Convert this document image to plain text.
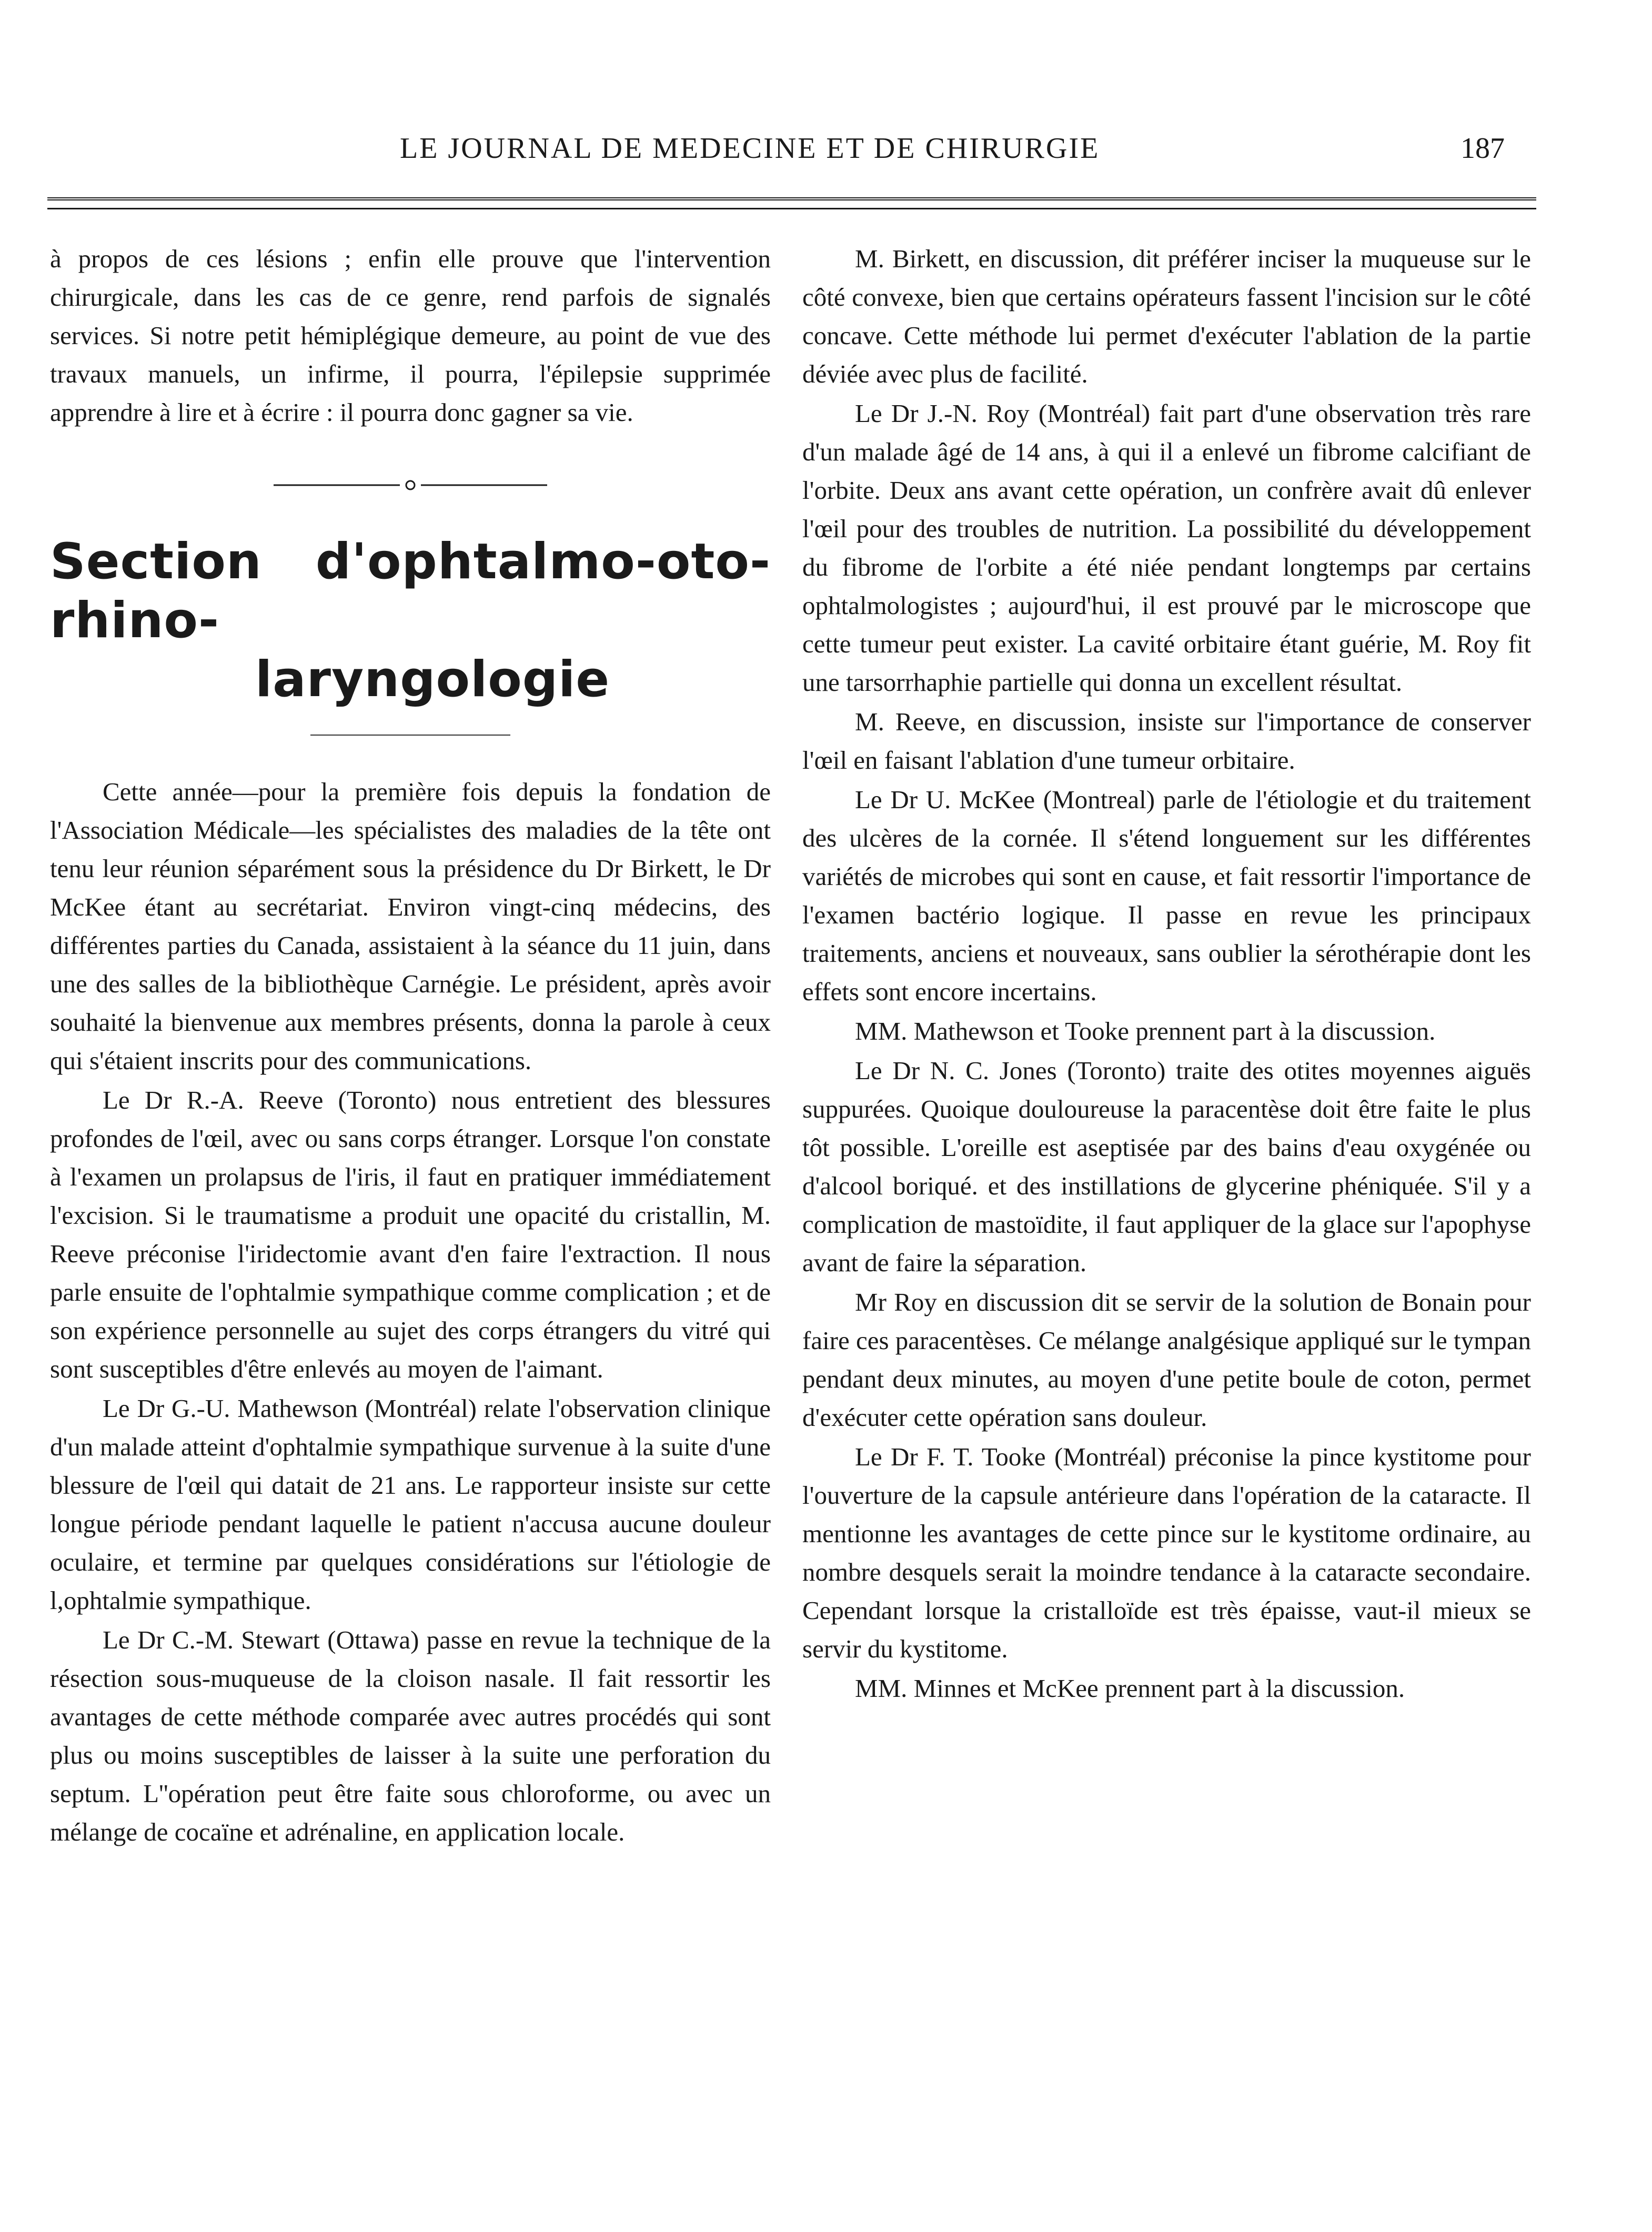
LE JOURNAL DE MEDECINE ET DE CHIRURGIE	187

à propos de ces lésions ; enfin elle prouve que l'intervention chirurgicale, dans les cas de ce genre, rend parfois de signalés services. Si notre petit hémiplégique demeure, au point de vue des travaux manuels, un infirme, il pourra, l'épilepsie supprimée apprendre à lire et à écrire : il pourra donc gagner sa vie.

Section d'ophtalmo-oto-rhino-
laryngologie

Cette année—pour la première fois depuis la fondation de l'Association Médicale—les spécialistes des maladies de la tête ont tenu leur réunion séparément sous la présidence du Dr Birkett, le Dr McKee étant au secrétariat. Environ vingt-cinq médecins, des différentes parties du Canada, assistaient à la séance du 11 juin, dans une des salles de la bibliothèque Carnégie. Le président, après avoir souhaité la bienvenue aux membres présents, donna la parole à ceux qui s'étaient inscrits pour des communications.

Le Dr R.-A. Reeve (Toronto) nous entretient des blessures profondes de l'œil, avec ou sans corps étranger. Lorsque l'on constate à l'examen un prolapsus de l'iris, il faut en pratiquer immédiatement l'excision. Si le traumatisme a produit une opacité du cristallin, M. Reeve préconise l'iridectomie avant d'en faire l'extraction. Il nous parle ensuite de l'ophtalmie sympathique comme complication ; et de son expérience personnelle au sujet des corps étrangers du vitré qui sont susceptibles d'être enlevés au moyen de l'aimant.

Le Dr G.-U. Mathewson (Montréal) relate l'observation clinique d'un malade atteint d'ophtalmie sympathique survenue à la suite d'une blessure de l'œil qui datait de 21 ans. Le rapporteur insiste sur cette longue période pendant laquelle le patient n'accusa aucune douleur oculaire, et termine par quelques considérations sur l'étiologie de l,ophtalmie sympathique.

Le Dr C.-M. Stewart (Ottawa) passe en revue la technique de la résection sous-muqueuse de la cloison nasale. Il fait ressortir les avantages de cette méthode comparée avec autres procédés qui sont plus ou moins susceptibles de laisser à la suite une perforation du septum. L''opération peut être faite sous chloroforme, ou avec un mélange de cocaïne et adrénaline, en application locale.

M. Birkett, en discussion, dit préférer inciser la muqueuse sur le côté convexe, bien que certains opérateurs fassent l'incision sur le côté concave. Cette méthode lui permet d'exécuter l'ablation de la partie déviée avec plus de facilité.

Le Dr J.-N. Roy (Montréal) fait part d'une observation très rare d'un malade âgé de 14 ans, à qui il a enlevé un fibrome calcifiant de l'orbite. Deux ans avant cette opération, un confrère avait dû enlever l'œil pour des troubles de nutrition. La possibilité du développement du fibrome de l'orbite a été niée pendant longtemps par certains ophtalmologistes ; aujourd'hui, il est prouvé par le microscope que cette tumeur peut exister. La cavité orbitaire étant guérie, M. Roy fit une tarsorrhaphie partielle qui donna un excellent résultat.

M. Reeve, en discussion, insiste sur l'importance de conserver l'œil en faisant l'ablation d'une tumeur orbitaire.

Le Dr U. McKee (Montreal) parle de l'étiologie et du traitement des ulcères de la cornée. Il s'étend longuement sur les différentes variétés de microbes qui sont en cause, et fait ressortir l'importance de l'examen bactério logique. Il passe en revue les principaux traitements, anciens et nouveaux, sans oublier la sérothérapie dont les effets sont encore incertains.

MM. Mathewson et Tooke prennent part à la discussion.

Le Dr N. C. Jones (Toronto) traite des otites moyennes aiguës suppurées. Quoique douloureuse la paracentèse doit être faite le plus tôt possible. L'oreille est aseptisée par des bains d'eau oxygénée ou d'alcool boriqué. et des instillations de glycerine phéniquée. S'il y a complication de mastoïdite, il faut appliquer de la glace sur l'apophyse avant de faire la séparation.

Mr Roy en discussion dit se servir de la solution de Bonain pour faire ces paracentèses. Ce mélange analgésique appliqué sur le tympan pendant deux minutes, au moyen d'une petite boule de coton, permet d'exécuter cette opération sans douleur.

Le Dr F. T. Tooke (Montréal) préconise la pince kystitome pour l'ouverture de la capsule antérieure dans l'opération de la cataracte. Il mentionne les avantages de cette pince sur le kystitome ordinaire, au nombre desquels serait la moindre tendance à la cataracte secondaire. Cependant lorsque la cristalloïde est très épaisse, vaut-il mieux se servir du kystitome.

MM. Minnes et McKee prennent part à la discussion.
